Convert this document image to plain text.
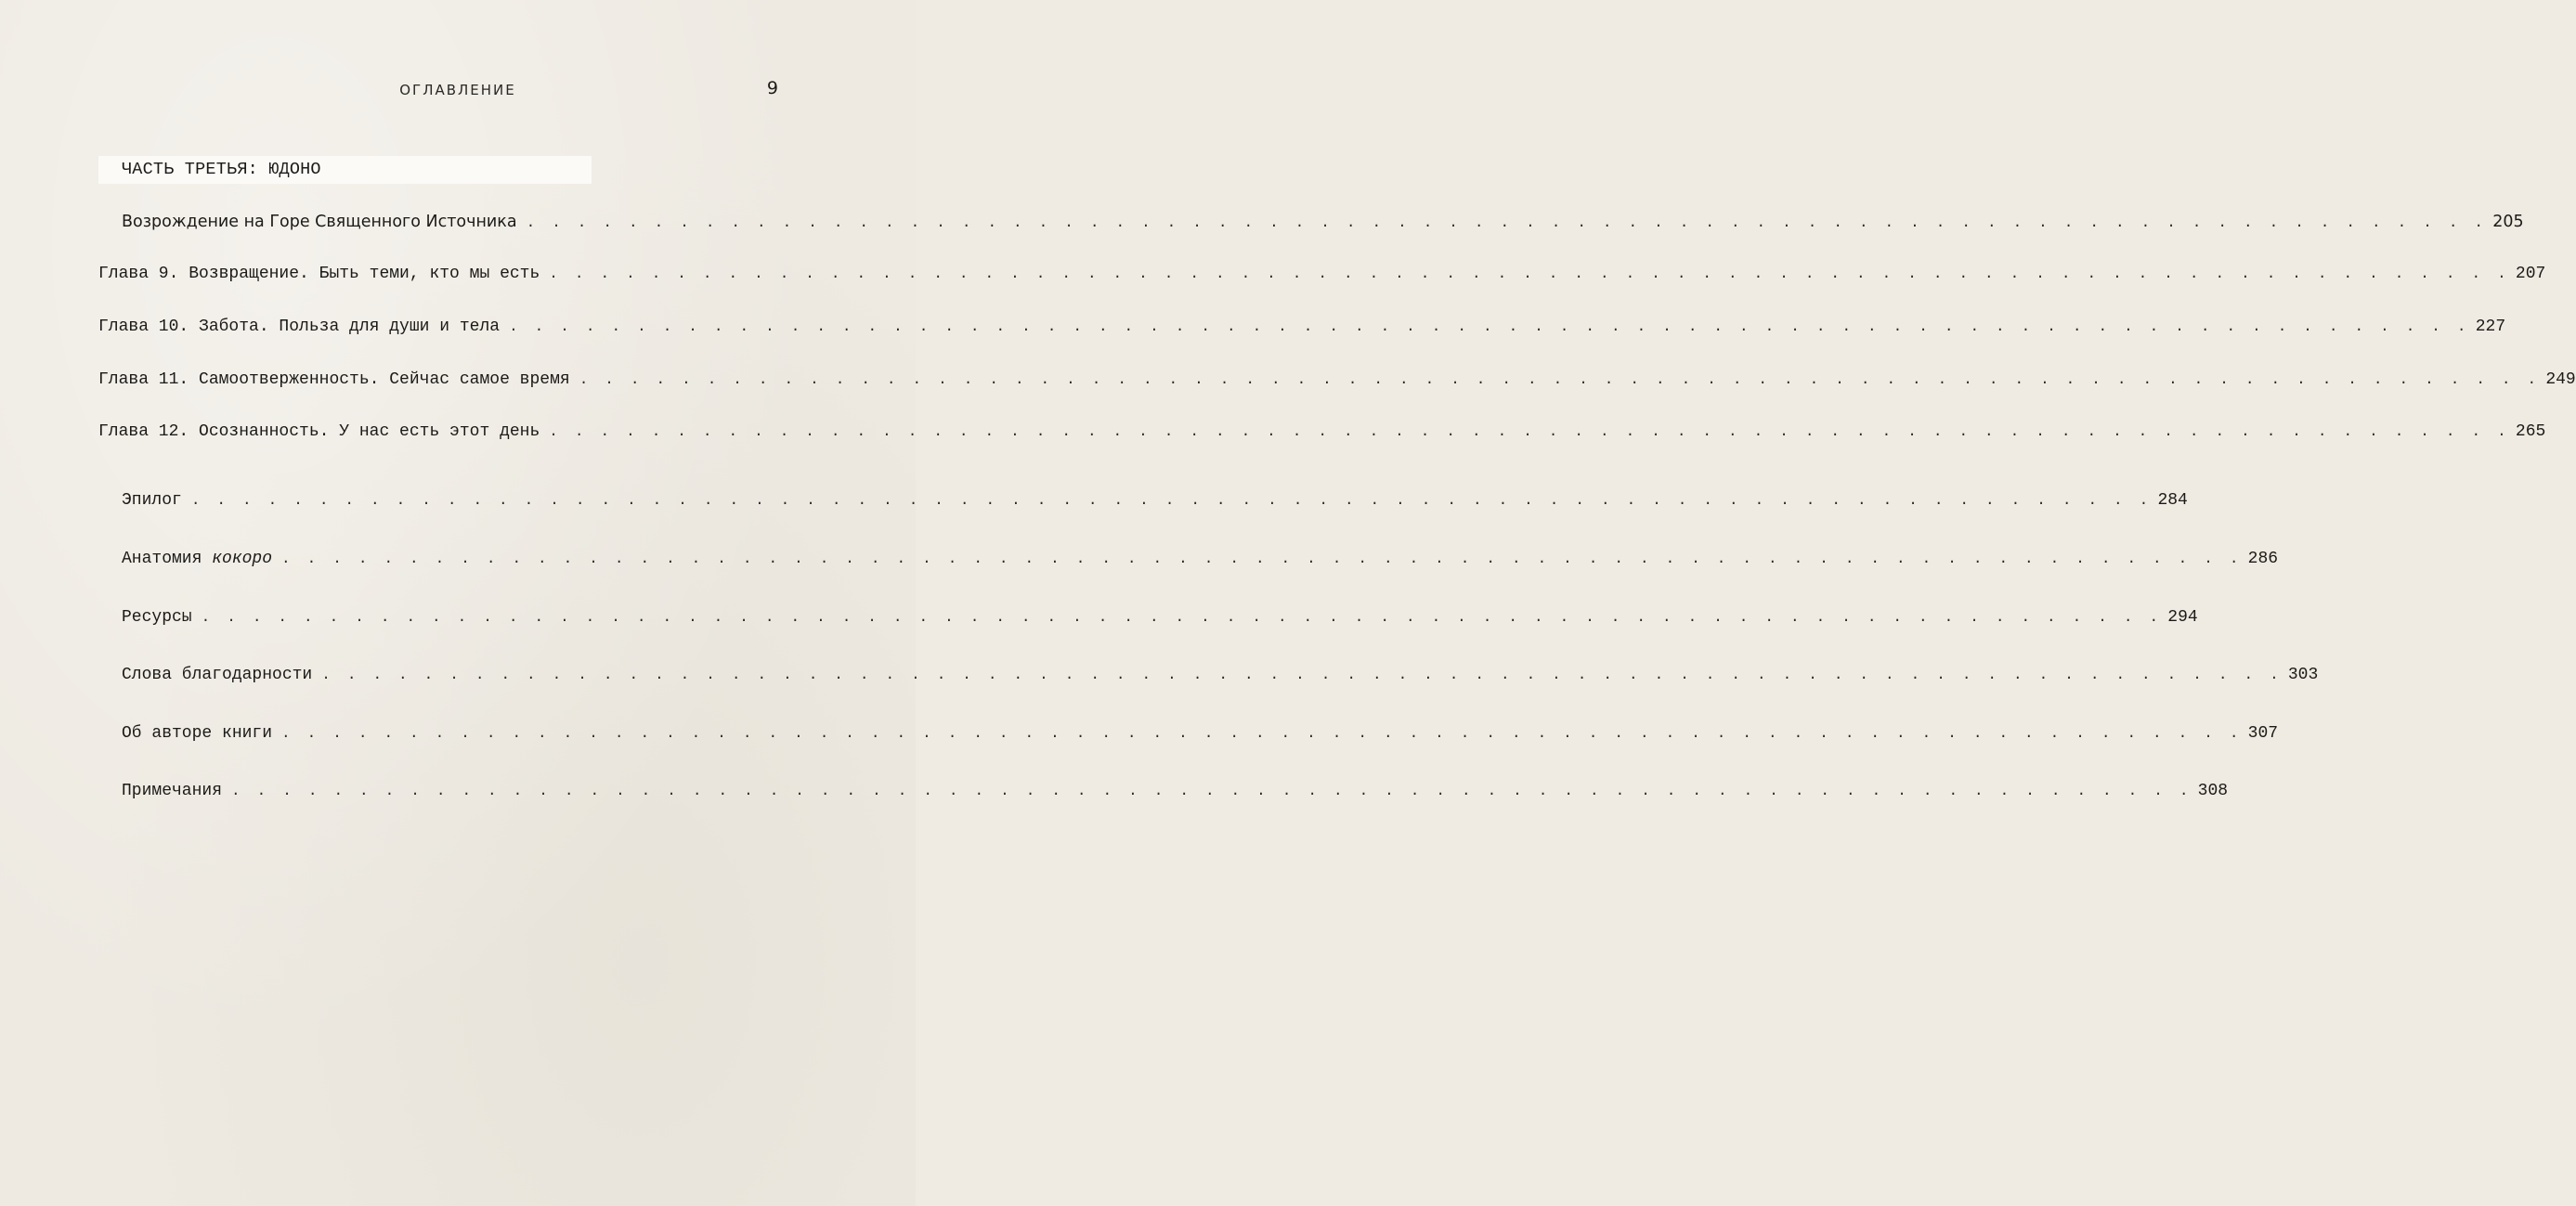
ОГЛАВЛЕНИЕ	9
ЧАСТЬ ТРЕТЬЯ: ЮДОНО
Возрождение на Горе Священного Источника . . . . . . . . . . . . . . . . . . . . . . . . . . . . . . . . . . . . . . . . . . . . . . . . . . . . . . . . . . . . . . . . . . . . . . . . . . . . . 205
Глава 9. Возвращение. Быть теми, кто мы есть . . . . . . . . . . . . . . . . . . . . . . . . . . . . . . . . . . . . . . . . . . . . . . . . . . . . . . . . . . . . . . . . . . . . . . . . . . . . . 207
Глава 10. Забота. Польза для души и тела . . . . . . . . . . . . . . . . . . . . . . . . . . . . . . . . . . . . . . . . . . . . . . . . . . . . . . . . . . . . . . . . . . . . . . . . . . . . . 227
Глава 11. Самоотверженность. Сейчас самое время . . . . . . . . . . . . . . . . . . . . . . . . . . . . . . . . . . . . . . . . . . . . . . . . . . . . . . . . . . . . . . . . . . . . . . . . . . . . . 249
Глава 12. Осознанность. У нас есть этот день . . . . . . . . . . . . . . . . . . . . . . . . . . . . . . . . . . . . . . . . . . . . . . . . . . . . . . . . . . . . . . . . . . . . . . . . . . . . . 265
Эпилог . . . . . . . . . . . . . . . . . . . . . . . . . . . . . . . . . . . . . . . . . . . . . . . . . . . . . . . . . . . . . . . . . . . . . . . . . . . . . 284
Анатомия кокоро . . . . . . . . . . . . . . . . . . . . . . . . . . . . . . . . . . . . . . . . . . . . . . . . . . . . . . . . . . . . . . . . . . . . . . . . . . . . . 286
Ресурсы . . . . . . . . . . . . . . . . . . . . . . . . . . . . . . . . . . . . . . . . . . . . . . . . . . . . . . . . . . . . . . . . . . . . . . . . . . . . . 294
Слова благодарности . . . . . . . . . . . . . . . . . . . . . . . . . . . . . . . . . . . . . . . . . . . . . . . . . . . . . . . . . . . . . . . . . . . . . . . . . . . . . 303
Об авторе книги . . . . . . . . . . . . . . . . . . . . . . . . . . . . . . . . . . . . . . . . . . . . . . . . . . . . . . . . . . . . . . . . . . . . . . . . . . . . . 307
Примечания . . . . . . . . . . . . . . . . . . . . . . . . . . . . . . . . . . . . . . . . . . . . . . . . . . . . . . . . . . . . . . . . . . . . . . . . . . . . . 308
